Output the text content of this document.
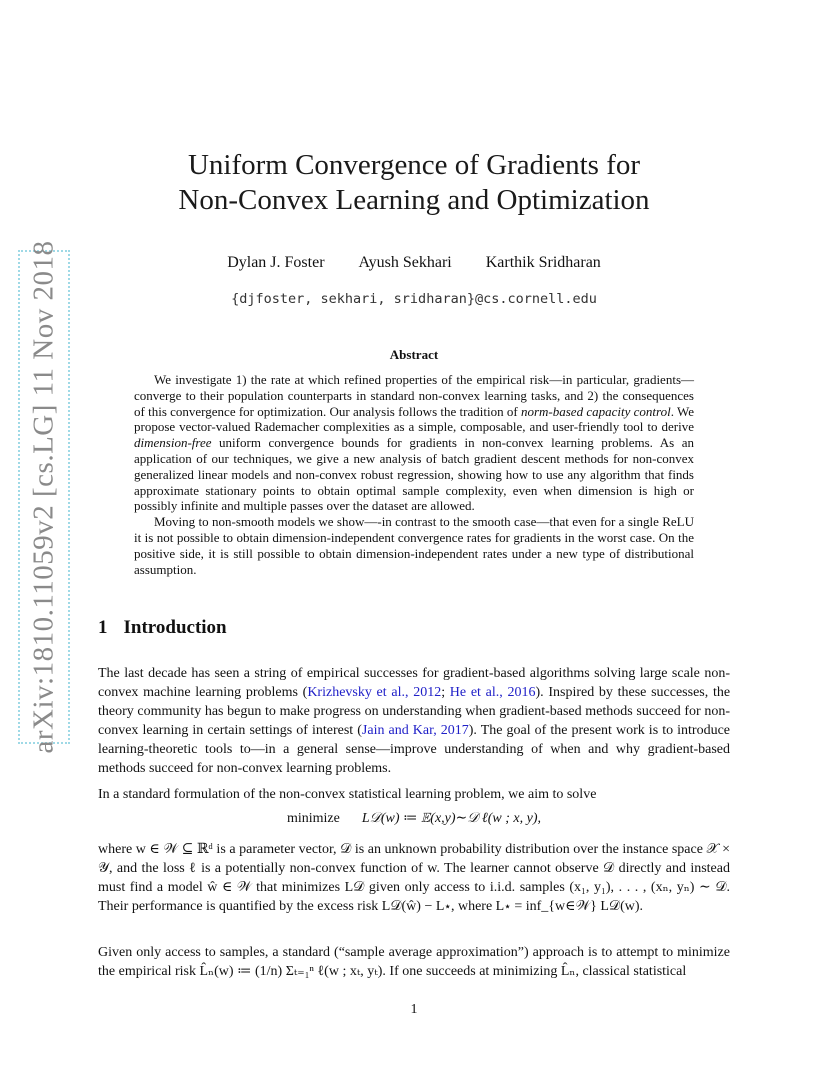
arXiv:1810.11059v2 [cs.LG] 11 Nov 2018
Uniform Convergence of Gradients for
Non-Convex Learning and Optimization
Dylan J. Foster Ayush Sekhari Karthik Sridharan
{djfoster, sekhari, sridharan}@cs.cornell.edu
Abstract

We investigate 1) the rate at which refined properties of the empirical risk—in particular, gradients—converge to their population counterparts in standard non-convex learning tasks, and 2) the consequences of this convergence for optimization. Our analysis follows the tradition of norm-based capacity control. We propose vector-valued Rademacher complexities as a simple, composable, and user-friendly tool to derive dimension-free uniform convergence bounds for gradients in non-convex learning problems. As an application of our techniques, we give a new analysis of batch gradient descent methods for non-convex generalized linear models and non-convex robust regression, showing how to use any algorithm that finds approximate stationary points to obtain optimal sample complexity, even when dimension is high or possibly infinite and multiple passes over the dataset are allowed.

Moving to non-smooth models we show—-in contrast to the smooth case—that even for a single ReLU it is not possible to obtain dimension-independent convergence rates for gradients in the worst case. On the positive side, it is still possible to obtain dimension-independent rates under a new type of distributional assumption.

1 Introduction

The last decade has seen a string of empirical successes for gradient-based algorithms solving large scale non-convex machine learning problems (Krizhevsky et al., 2012; He et al., 2016). Inspired by these successes, the theory community has begun to make progress on understanding when gradient-based methods succeed for non-convex learning in certain settings of interest (Jain and Kar, 2017). The goal of the present work is to introduce learning-theoretic tools to—in a general sense—improve understanding of when and why gradient-based methods succeed for non-convex learning problems.

In a standard formulation of the non-convex statistical learning problem, we aim to solve

minimize L𝒟(w) ≔ 𝔼(x,y)∼𝒟 ℓ(w ; x, y),
where w ∈ 𝒲 ⊆ ℝᵈ is a parameter vector, 𝒟 is an unknown probability distribution over the instance space 𝒳 × 𝒴, and the loss ℓ is a potentially non-convex function of w. The learner cannot observe 𝒟 directly and instead must find a model ŵ ∈ 𝒲 that minimizes L𝒟 given only access to i.i.d. samples (x₁, y₁), . . . , (xₙ, yₙ) ∼ 𝒟. Their performance is quantified by the excess risk L𝒟(ŵ) − L⋆, where L⋆ = inf_{w∈𝒲} L𝒟(w).
Given only access to samples, a standard (“sample average approximation”) approach is to attempt to minimize the empirical risk L̂ₙ(w) ≔ (1/n) Σₜ₌₁ⁿ ℓ(w ; xₜ, yₜ). If one succeeds at minimizing L̂ₙ, classical statistical
1
